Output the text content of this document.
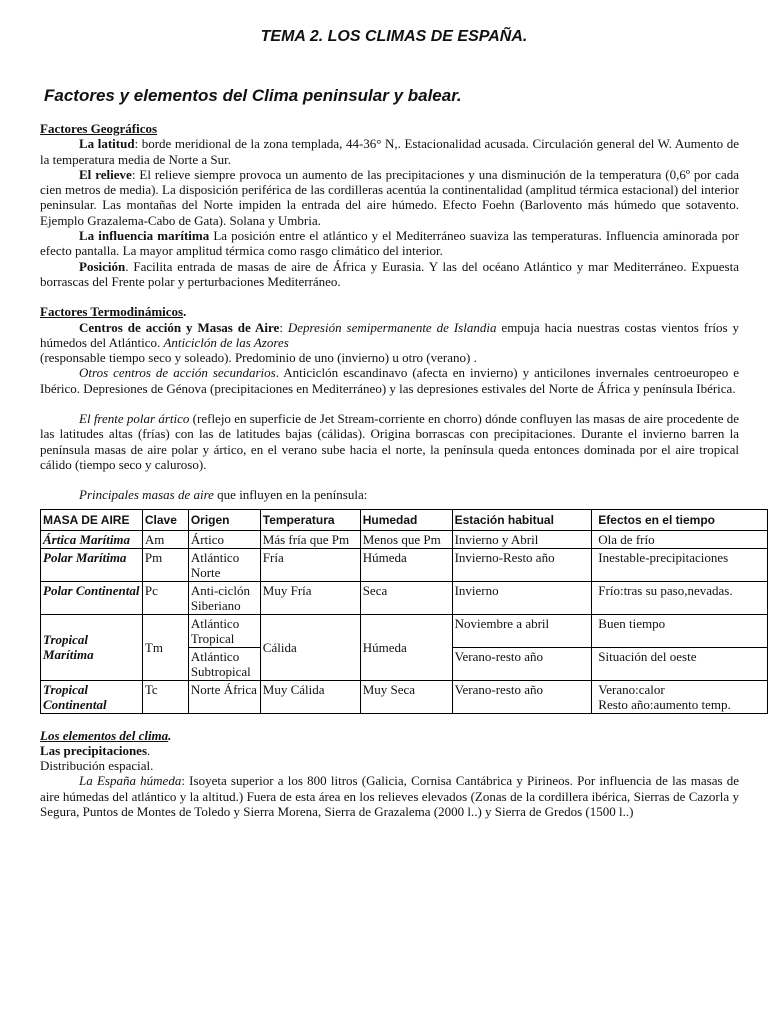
TEMA 2. LOS CLIMAS DE ESPAÑA.
Factores y elementos del Clima peninsular y balear.

Factores Geográficos

La latitud: borde meridional de la zona templada, 44-36° N,. Estacionalidad acusada. Circulación general del W. Aumento de la temperatura media de Norte a Sur.

El relieve: El relieve siempre provoca un aumento de las precipitaciones y una disminución de la temperatura (0,6º por cada cien metros de media). La disposición periférica de las cordilleras acentúa la continentalidad (amplitud térmica estacional) del interior peninsular. Las montañas del Norte impiden la entrada del aire húmedo. Efecto Foehn (Barlovento más húmedo que sotavento. Ejemplo Grazalema-Cabo de Gata). Solana y Umbria.

La influencia marítima La posición entre el atlántico y el Mediterráneo suaviza las temperaturas. Influencia aminorada por efecto pantalla. La mayor amplitud térmica como rasgo climático del interior.

Posición. Facilita entrada de masas de aire de África y Eurasia. Y las del océano Atlántico y mar Mediterráneo. Expuesta borrascas del Frente polar y perturbaciones Mediterráneo.

Factores Termodinámicos.

Centros de acción y Masas de Aire: Depresión semipermanente de Islandia empuja hacia nuestras costas vientos fríos y húmedos del Atlántico. Anticiclón de las Azores

(responsable tiempo seco y soleado). Predominio de uno (invierno) u otro (verano) .

Otros centros de acción secundarios. Anticiclón escandinavo (afecta en invierno) y anticilones invernales centroeuropeo e Ibérico. Depresiones de Génova (precipitaciones en Mediterráneo) y las depresiones estivales del Norte de África y península Ibérica.

El frente polar ártico (reflejo en superficie de Jet Stream-corriente en chorro) dónde confluyen las masas de aire procedente de las latitudes altas (frías) con las de latitudes bajas (cálidas). Origina borrascas con precipitaciones. Durante el invierno barren la península masas de aire polar y ártico, en el verano sube hacia el norte, la península queda entonces dominada por el aire tropical cálido (tiempo seco y caluroso).

Principales masas de aire que influyen en la península:

MASA DE AIRE	Clave	Origen	Temperatura	Humedad	Estación habitual	Efectos en el tiempo
Ártica Marítima	Am	Ártico	Más fría que Pm	Menos que Pm	Invierno y Abril	Ola de frío
Polar Marítima	Pm	Atlántico Norte	Fría	Húmeda	Invierno-Resto año	Inestable-precipitaciones
Polar Continental	Pc	Anti-ciclón Siberiano	Muy Fría	Seca	Invierno	Frío:tras su paso,nevadas.
Tropical Marítima	Tm	Atlántico Tropical	Cálida	Húmeda	Noviembre a abril	Buen tiempo
		Atlántico Subtropical			Verano-resto año	Situación del oeste
Tropical Continental	Tc	Norte África	Muy Cálida	Muy Seca	Verano-resto año	Verano:calor
Resto año:aumento temp.

Los elementos del clima.

Las precipitaciones.

Distribución espacial.

La España húmeda: Isoyeta superior a los 800 litros (Galicia, Cornisa Cantábrica y Pirineos. Por influencia de las masas de aire húmedas del atlántico y la altitud.) Fuera de esta área en los relieves elevados (Zonas de la cordillera ibérica, Sierras de Cazorla y Segura, Puntos de Montes de Toledo y Sierra Morena, Sierra de Grazalema (2000 l..) y Sierra de Gredos (1500 l..)
